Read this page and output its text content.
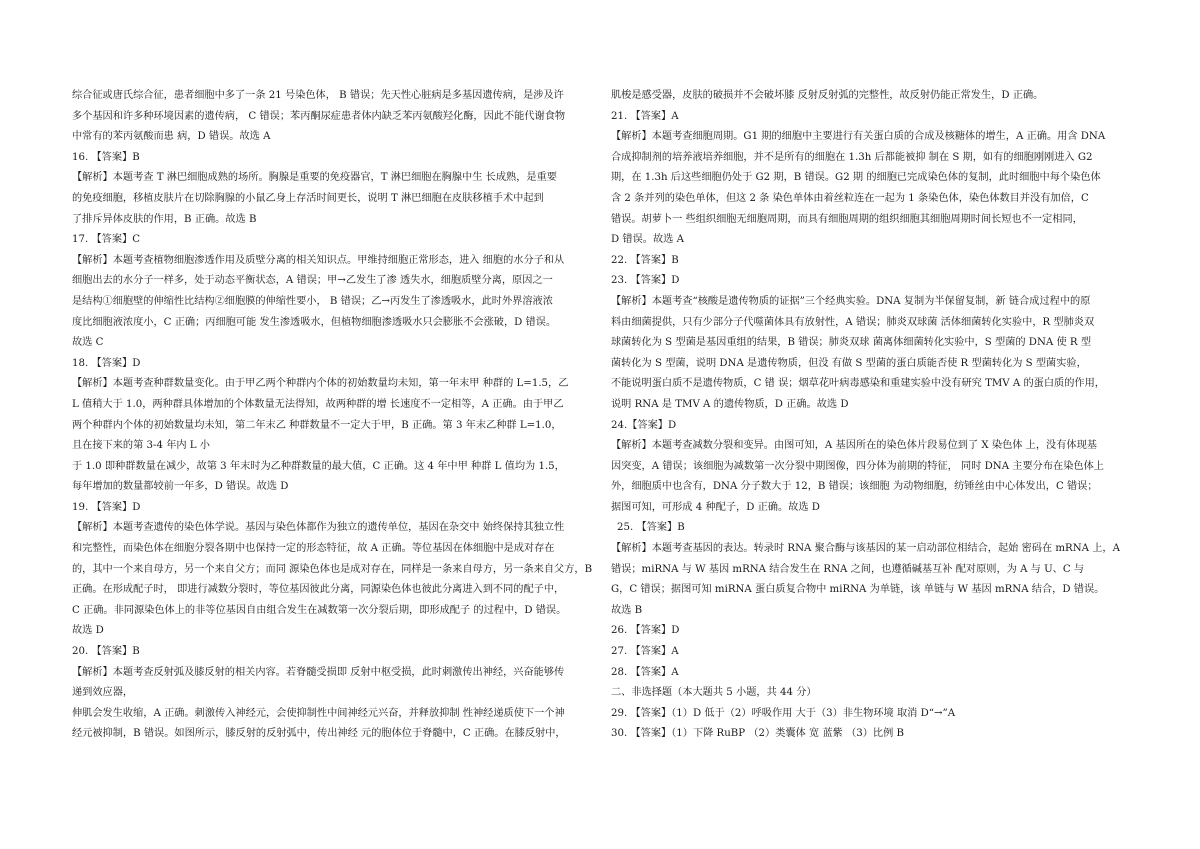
综合征或唐氏综合征，患者细胞中多了一条 21 号染色体， B 错误；先天性心脏病是多基因遗传病，是涉及许
多个基因和许多种环境因素的遗传病， C 错误；苯丙酮尿症患者体内缺乏苯丙氨酸羟化酶，因此不能代谢食物
中常有的苯丙氨酸而患 病，D 错误。故选 A
16. 【答案】B
【解析】本题考查 T 淋巴细胞成熟的场所。胸腺是重要的免疫器官，T 淋巴细胞在胸腺中生 长成熟，是重要
的免疫细胞，移植皮肤片在切除胸腺的小鼠乙身上存活时间更长，说明 T 淋巴细胞在皮肤移植手术中起到
了排斥异体皮肤的作用，B 正确。故选 B
17. 【答案】C
【解析】本题考查植物细胞渗透作用及质壁分离的相关知识点。甲维持细胞正常形态，进入 细胞的水分子和从
细胞出去的水分子一样多，处于动态平衡状态，A 错误；甲→乙发生了渗 透失水，细胞质壁分离，原因之一
是结构①细胞壁的伸缩性比结构②细胞膜的伸缩性要小， B 错误；乙→丙发生了渗透吸水，此时外界溶液浓
度比细胞液浓度小，C 正确；丙细胞可能 发生渗透吸水，但植物细胞渗透吸水只会膨胀不会涨破，D 错误。
故选 C
18. 【答案】D
【解析】本题考查种群数量变化。由于甲乙两个种群内个体的初始数量均未知，第一年末甲 种群的 L=1.5，乙
L 值稍大于 1.0，两种群具体增加的个体数量无法得知，故两种群的增 长速度不一定相等，A 正确。由于甲乙
两个种群内个体的初始数量均未知，第二年末乙 种群数量不一定大于甲，B 正确。第 3 年末乙种群 L=1.0，
且在接下来的第 3-4 年内 L 小
于 1.0 即种群数量在减少，故第 3 年末时为乙种群数量的最大值，C 正确。这 4 年中甲 种群 L 值均为 1.5，
每年增加的数量都较前一年多，D 错误。故选 D
19. 【答案】D
【解析】本题考查遗传的染色体学说。基因与染色体都作为独立的遗传单位，基因在杂交中 始终保持其独立性
和完整性，而染色体在细胞分裂各期中也保持一定的形态特征，故 A 正确。等位基因在体细胞中是成对存在
的，其中一个来自母方，另一个来自父方；而同 源染色体也是成对存在，同样是一条来自母方，另一条来自父方，B
正确。在形成配子时， 即进行减数分裂时，等位基因彼此分离，同源染色体也彼此分离进入到不同的配子中，
C 正确。非同源染色体上的非等位基因自由组合发生在减数第一次分裂后期，即形成配子 的过程中，D 错误。
故选 D
20. 【答案】B
【解析】本题考查反射弧及膝反射的相关内容。若脊髓受损即 反射中枢受损，此时刺激传出神经，兴奋能够传
递到效应器，
伸肌会发生收缩，A 正确。刺激传入神经元，会使抑制性中间神经元兴奋，并释放抑制 性神经递质使下一个神
经元被抑制，B 错误。如图所示，膝反射的反射弧中，传出神经 元的胞体位于脊髓中，C 正确。在膝反射中，
肌梭是感受器，皮肤的破损并不会破坏膝 反射反射弧的完整性，故反射仍能正常发生，D 正确。
21. 【答案】A
【解析】本题考查细胞周期。G1 期的细胞中主要进行有关蛋白质的合成及核糖体的增生，A 正确。用含 DNA
合成抑制剂的培养液培养细胞，并不是所有的细胞在 1.3h 后都能被抑 制在 S 期，如有的细胞刚刚进入 G2
期，在 1.3h 后这些细胞仍处于 G2 期，B 错误。G2 期 的细胞已完成染色体的复制，此时细胞中每个染色体
含 2 条并列的染色单体，但这 2 条 染色单体由着丝粒连在一起为 1 条染色体，染色体数目并没有加倍，C
错误。胡萝卜一 些组织细胞无细胞周期，而具有细胞周期的组织细胞其细胞周期时间长短也不一定相同，
D 错误。故选 A
22. 【答案】B
23. 【答案】D
【解析】本题考查“核酸是遗传物质的证据”三个经典实验。DNA 复制为半保留复制，新 链合成过程中的原
料由细菌提供，只有少部分子代噬菌体具有放射性，A 错误；肺炎双球菌 活体细菌转化实验中，R 型肺炎双
球菌转化为 S 型菌是基因重组的结果，B 错误；肺炎双球 菌离体细菌转化实验中，S 型菌的 DNA 使 R 型
菌转化为 S 型菌，说明 DNA 是遗传物质，但没 有做 S 型菌的蛋白质能否使 R 型菌转化为 S 型菌实验，
不能说明蛋白质不是遗传物质，C 错 误；烟草花叶病毒感染和重建实验中没有研究 TMV A 的蛋白质的作用，
说明 RNA 是 TMV A 的遗传物质，D 正确。故选 D
24.【答案】D
【解析】本题考查减数分裂和变异。由图可知，A 基因所在的染色体片段易位到了 X 染色体 上，没有体现基
因突变，A 错误；该细胞为减数第一次分裂中期图像，四分体为前期的特征， 同时 DNA 主要分布在染色体上
外，细胞质中也含有，DNA 分子数大于 12，B 错误；该细胞 为动物细胞，纺锤丝由中心体发出，C 错误；
据图可知，可形成 4 种配子，D 正确。故选 D
25. 【答案】B
【解析】本题考查基因的表达。转录时 RNA 聚合酶与该基因的某一启动部位相结合，起始 密码在 mRNA 上，A
错误；miRNA 与 W 基因 mRNA 结合发生在 RNA 之间，也遵循碱基互补 配对原则，为 A 与 U、C 与
G，C 错误；据图可知 miRNA 蛋白质复合物中 miRNA 为单链，该 单链与 W 基因 mRNA 结合，D 错误。
故选 B
26. 【答案】D
27. 【答案】A
28. 【答案】A
二、非选择题（本大题共 5 小题，共 44 分）
29. 【答案】（1）D 低于（2）呼吸作用 大于（3）非生物环境 取消 D“→”A
30. 【答案】（1）下降 RuBP （2）类囊体 宽 蓝紫 （3）比例 B
